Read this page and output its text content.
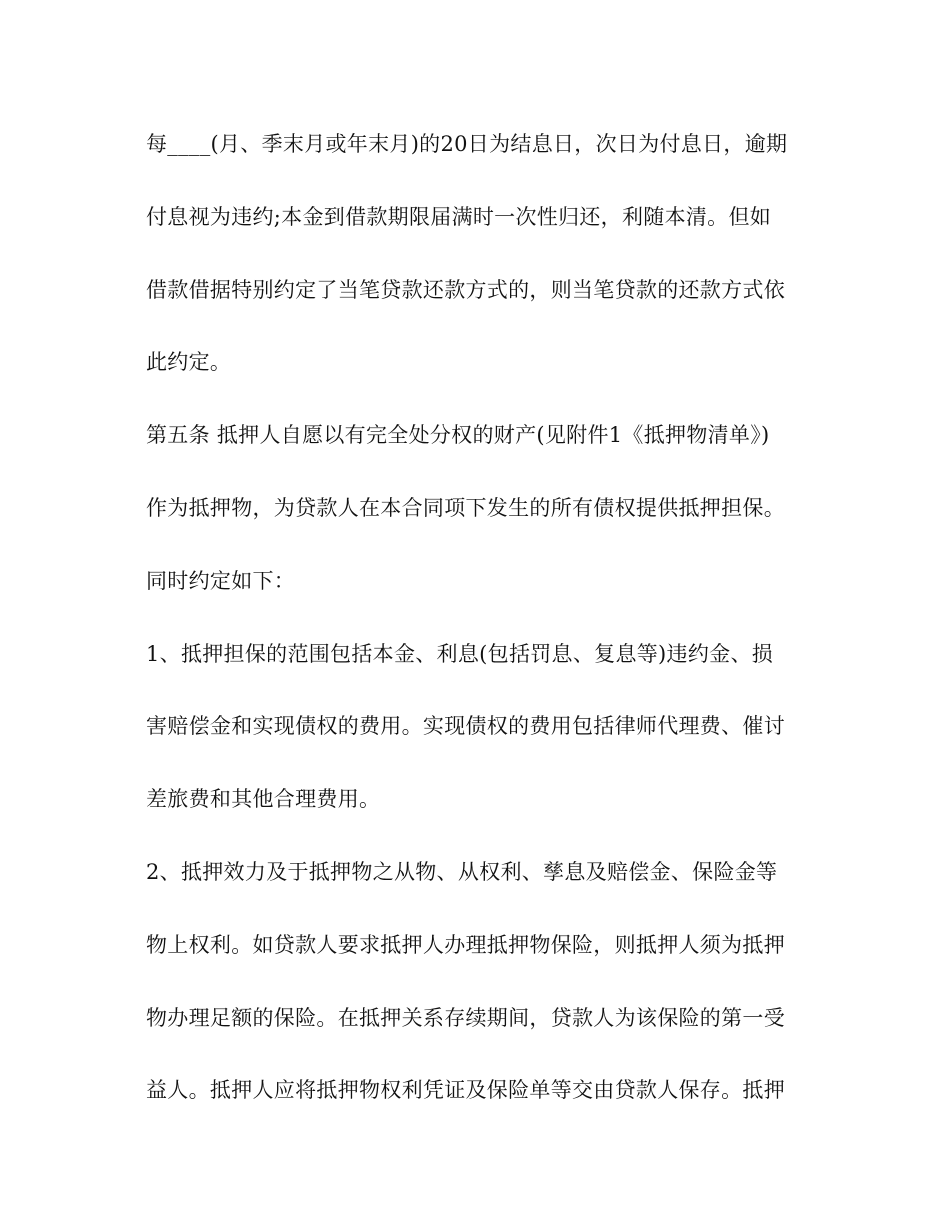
每____(月、季末月或年末月)的20日为结息日，次日为付息日，逾期
付息视为违约;本金到借款期限届满时一次性归还，利随本清。但如
借款借据特别约定了当笔贷款还款方式的，则当笔贷款的还款方式依
此约定。
第五条 抵押人自愿以有完全处分权的财产(见附件1《抵押物清单》)
作为抵押物，为贷款人在本合同项下发生的所有债权提供抵押担保。
同时约定如下：
1、抵押担保的范围包括本金、利息(包括罚息、复息等)违约金、损
害赔偿金和实现债权的费用。实现债权的费用包括律师代理费、催讨
差旅费和其他合理费用。
2、抵押效力及于抵押物之从物、从权利、孳息及赔偿金、保险金等
物上权利。如贷款人要求抵押人办理抵押物保险，则抵押人须为抵押
物办理足额的保险。在抵押关系存续期间，贷款人为该保险的第一受
益人。抵押人应将抵押物权利凭证及保险单等交由贷款人保存。抵押
